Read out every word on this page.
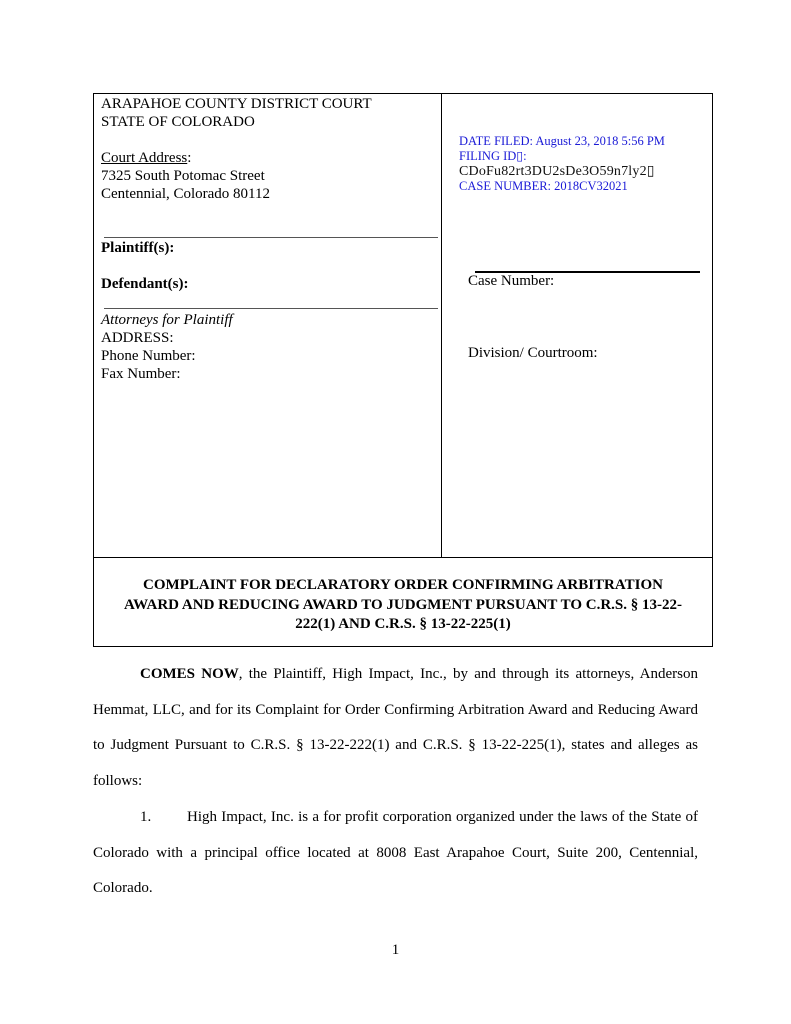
ARAPAHOE COUNTY DISTRICT COURT
STATE OF COLORADO
Court Address:
7325 South Potomac Street
Centennial, Colorado 80112
Plaintiff(s):
Defendant(s):
Attorneys for Plaintiff
ADDRESS:
Phone Number:
Fax Number:
DATE FILED: August 23, 2018 5:56 PM
FILING ID▯:
CDoFu82rt3DU2sDe3O59n7ly2▯
CASE NUMBER: 2018CV32021
Case Number:
Division/ Courtroom:
COMPLAINT FOR DECLARATORY ORDER CONFIRMING ARBITRATION
AWARD AND REDUCING AWARD TO JUDGMENT PURSUANT TO C.R.S. § 13-22-
222(1) AND C.R.S. § 13-22-225(1)

COMES NOW, the Plaintiff, High Impact, Inc., by and through its attorneys, Anderson Hemmat, LLC, and for its Complaint for Order Confirming Arbitration Award and Reducing Award to Judgment Pursuant to C.R.S. § 13-22-222(1) and C.R.S. § 13-22-225(1), states and alleges as follows:

1. High Impact, Inc. is a for profit corporation organized under the laws of the State of Colorado with a principal office located at 8008 East Arapahoe Court, Suite 200, Centennial, Colorado.

1
